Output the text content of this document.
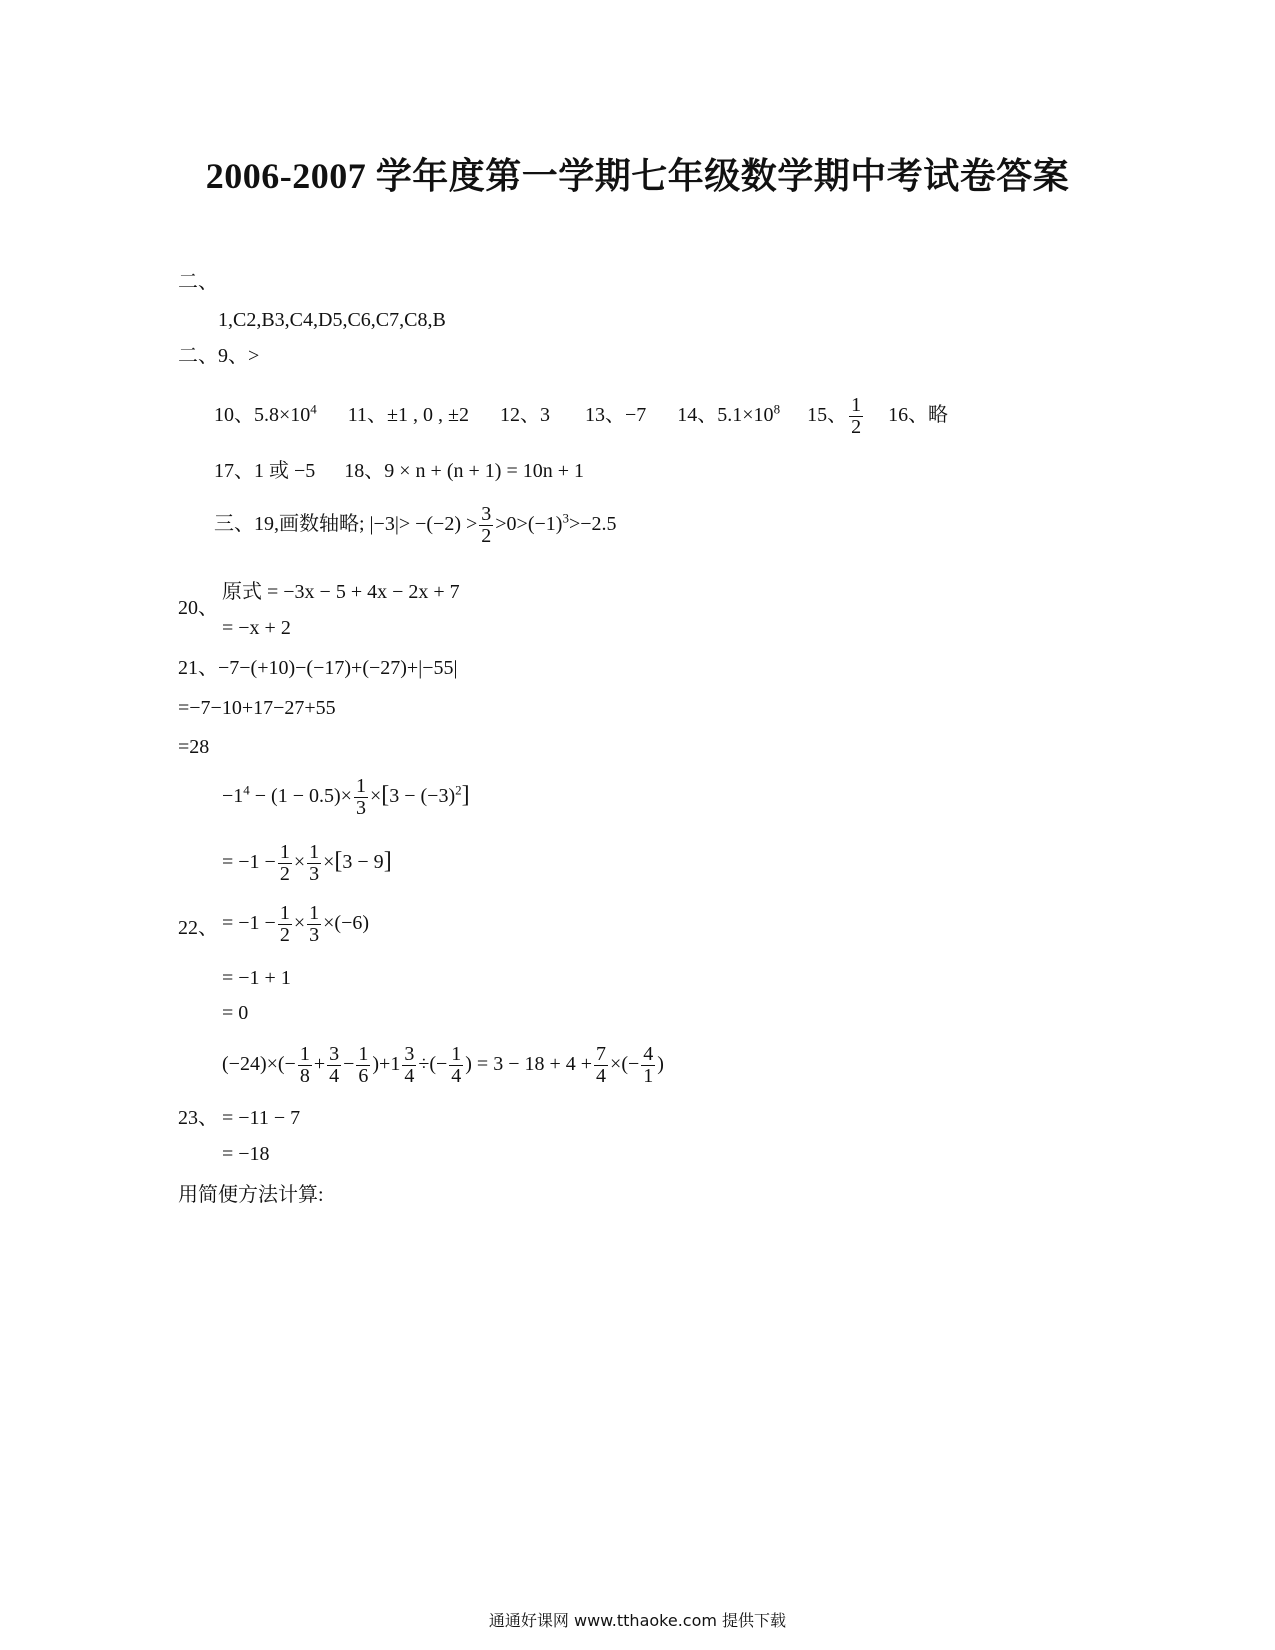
2006-2007 学年度第一学期七年级数学期中考试卷答案
二、
1,C2,B3,C4,D5,C6,C7,C8,B
二、9、>
10、$5.8\times 10^4$ 11、±1 , 0 , ±2 12、3 13、−7 14、$5.1\times 10^8$ 15、 $\frac{1}{2} 16$、略
17、1 或 −5 18、9 × n + (n + 1) = 10n + 1
三、19,画数轴略; $|-3|> -(-2) > \frac{3}{2} >0>(-1)^3>-2.5$
20、
原式 = −3x − 5 + 4x − 2x + 7
= −x + 2
21、−7−(+10)−(−17)+(−27)+|−55|
=−7−10+17−27+55
=28
$-1^4 - (1 - 0.5)\times \frac{1}{3} \times[3 - (-3)^2]$
= $-1 - \frac{1}{2} \times \frac{1}{3} \times[3 - 9]$
22、 = $-1 - \frac{1}{2} \times \frac{1}{3} \times(-6)$
= −1 + 1
= 0
$(-24)\times(- \frac{1}{8} + \frac{3}{4} - \frac{1}{6} )+1 \frac{3}{4}$ ÷(− $\frac{1}{4}$ ) = $3 - 18 + 4 + \frac{7}{4}$ ×(− $\frac{4}{1}$ )
23、 = −11 − 7
= −18
用简便方法计算:
通通好课网 www.tthaoke.com 提供下载
